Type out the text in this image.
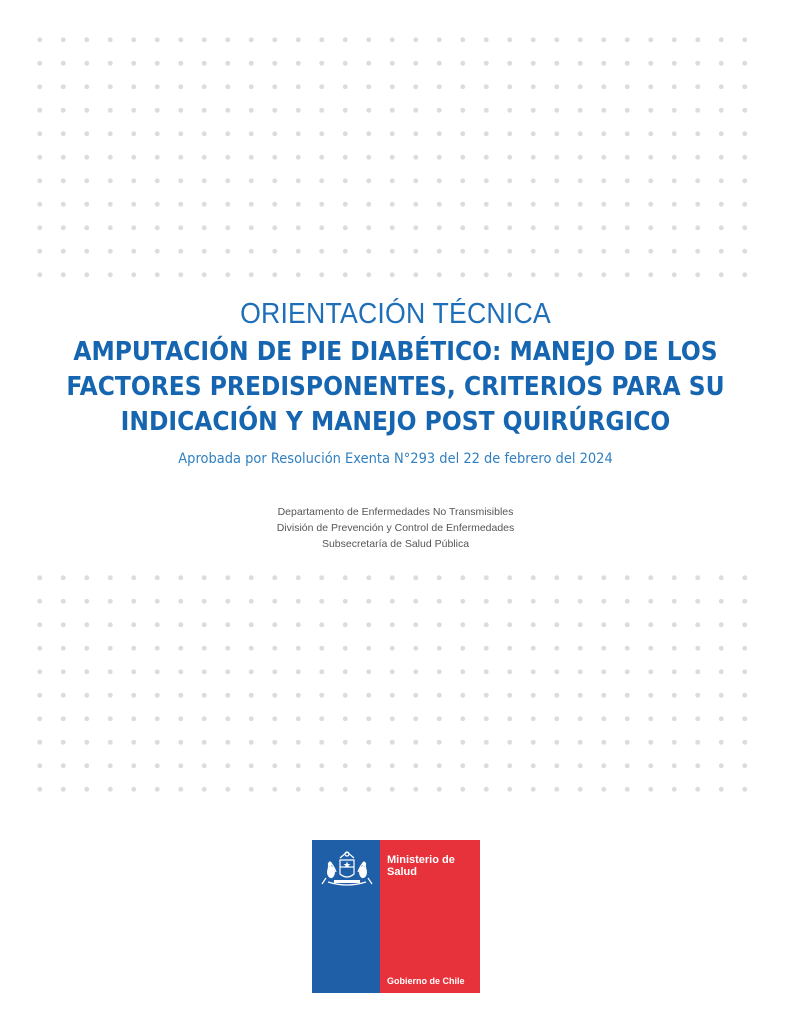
ORIENTACIÓN TÉCNICA
AMPUTACIÓN DE PIE DIABÉTICO: MANEJO DE LOS
FACTORES PREDISPONENTES, CRITERIOS PARA SU
INDICACIÓN Y MANEJO POST QUIRÚRGICO
Aprobada por Resolución Exenta N°293 del 22 de febrero del 2024
Departamento de Enfermedades No Transmisibles
División de Prevención y Control de Enfermedades
Subsecretaría de Salud Pública
Ministerio de
Salud
Gobierno de Chile
